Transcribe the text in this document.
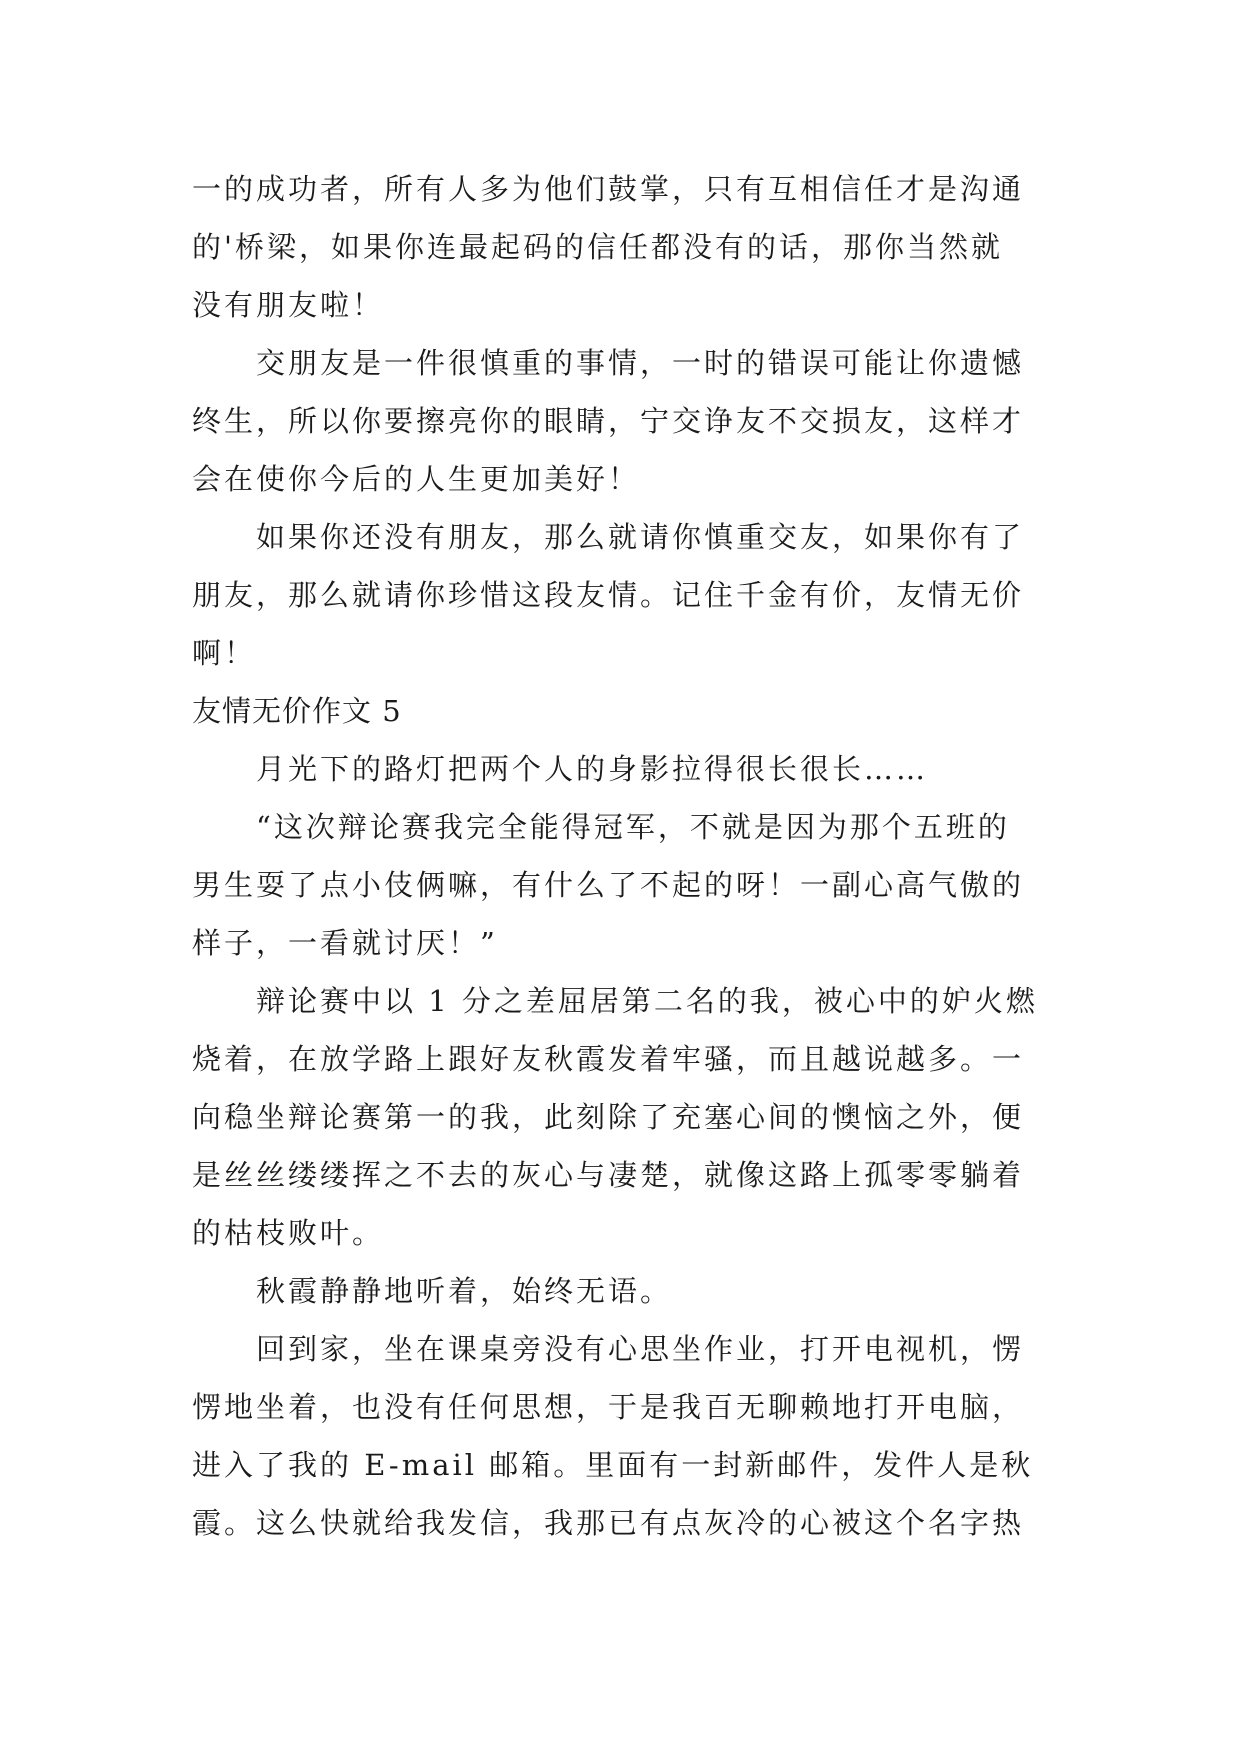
一的成功者，所有人多为他们鼓掌，只有互相信任才是沟通
的'桥梁，如果你连最起码的信任都没有的话，那你当然就
没有朋友啦！
交朋友是一件很慎重的事情，一时的错误可能让你遗憾
终生，所以你要擦亮你的眼睛，宁交诤友不交损友，这样才
会在使你今后的人生更加美好！
如果你还没有朋友，那么就请你慎重交友，如果你有了
朋友，那么就请你珍惜这段友情。记住千金有价，友情无价
啊！
友情无价作文 5
月光下的路灯把两个人的身影拉得很长很长……
“这次辩论赛我完全能得冠军，不就是因为那个五班的
男生耍了点小伎俩嘛，有什么了不起的呀！一副心高气傲的
样子，一看就讨厌！”
辩论赛中以 1 分之差屈居第二名的我，被心中的妒火燃
烧着，在放学路上跟好友秋霞发着牢骚，而且越说越多。一
向稳坐辩论赛第一的我，此刻除了充塞心间的懊恼之外，便
是丝丝缕缕挥之不去的灰心与凄楚，就像这路上孤零零躺着
的枯枝败叶。
秋霞静静地听着，始终无语。
回到家，坐在课桌旁没有心思坐作业，打开电视机，愣
愣地坐着，也没有任何思想，于是我百无聊赖地打开电脑，
进入了我的 E-mail 邮箱。里面有一封新邮件，发件人是秋
霞。这么快就给我发信，我那已有点灰冷的心被这个名字热
